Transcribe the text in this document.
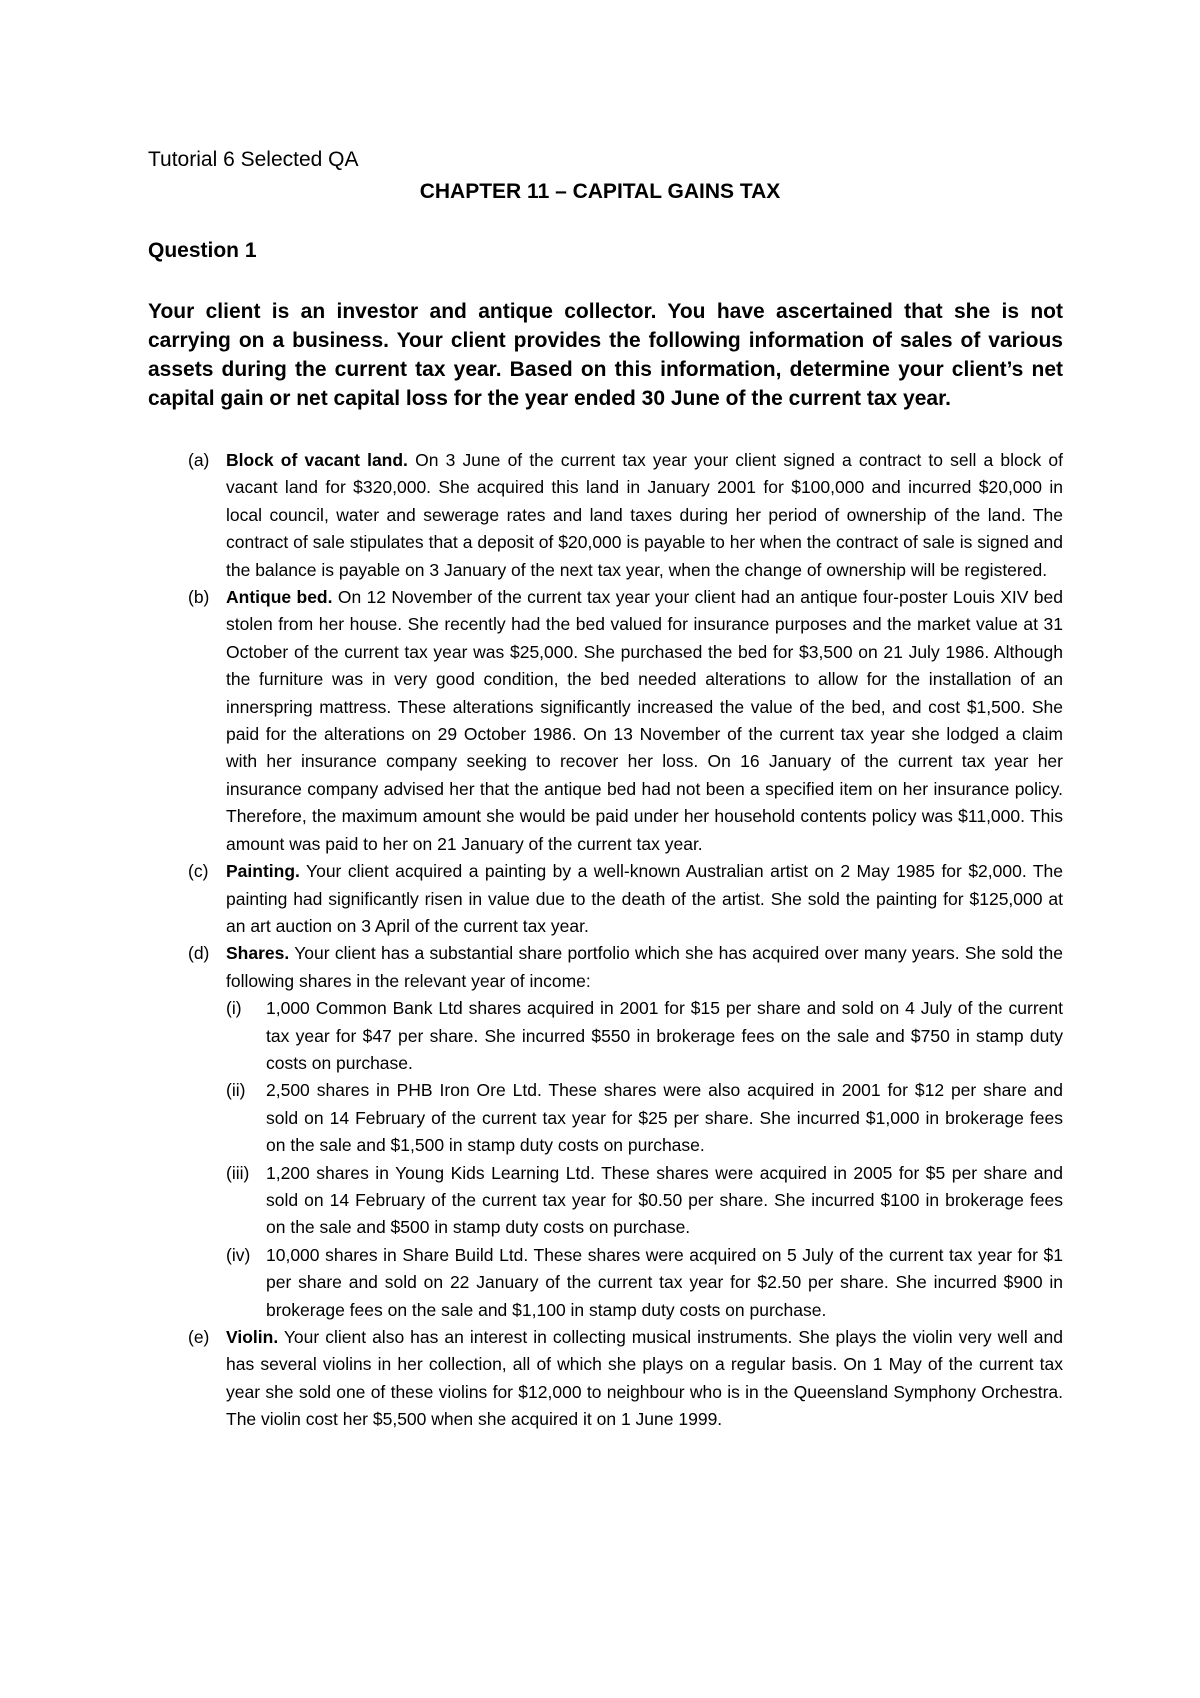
Tutorial 6 Selected QA
CHAPTER 11 – CAPITAL GAINS TAX
Question 1

Your client is an investor and antique collector. You have ascertained that she is not carrying on a business. Your client provides the following information of sales of various assets during the current tax year. Based on this information, determine your client’s net capital gain or net capital loss for the year ended 30 June of the current tax year.

(a) Block of vacant land. On 3 June of the current tax year your client signed a contract to sell a block of vacant land for $320,000. She acquired this land in January 2001 for $100,000 and incurred $20,000 in local council, water and sewerage rates and land taxes during her period of ownership of the land. The contract of sale stipulates that a deposit of $20,000 is payable to her when the contract of sale is signed and the balance is payable on 3 January of the next tax year, when the change of ownership will be registered.
(b) Antique bed. On 12 November of the current tax year your client had an antique four-poster Louis XIV bed stolen from her house. She recently had the bed valued for insurance purposes and the market value at 31 October of the current tax year was $25,000. She purchased the bed for $3,500 on 21 July 1986. Although the furniture was in very good condition, the bed needed alterations to allow for the installation of an innerspring mattress. These alterations significantly increased the value of the bed, and cost $1,500. She paid for the alterations on 29 October 1986. On 13 November of the current tax year she lodged a claim with her insurance company seeking to recover her loss. On 16 January of the current tax year her insurance company advised her that the antique bed had not been a specified item on her insurance policy. Therefore, the maximum amount she would be paid under her household contents policy was $11,000. This amount was paid to her on 21 January of the current tax year.
(c)	Painting. Your client acquired a painting by a well-known Australian artist on 2 May 1985 for $2,000. The painting had significantly risen in value due to the death of the artist. She sold the painting for $125,000 at an art auction on 3 April of the current tax year.
(d) Shares. Your client has a substantial share portfolio which she has acquired over many years. She sold the following shares in the relevant year of income:
(i)	1,000 Common Bank Ltd shares acquired in 2001 for $15 per share and sold on 4 July of the current tax year for $47 per share. She incurred $550 in brokerage fees on the sale and $750 in stamp duty costs on purchase.
(ii)	2,500 shares in PHB Iron Ore Ltd. These shares were also acquired in 2001 for $12 per share and sold on 14 February of the current tax year for $25 per share. She incurred $1,000 in brokerage fees on the sale and $1,500 in stamp duty costs on purchase.
(iii) 1,200 shares in Young Kids Learning Ltd. These shares were acquired in 2005 for $5 per share and sold on 14 February of the current tax year for $0.50 per share. She incurred $100 in brokerage fees on the sale and $500 in stamp duty costs on purchase.
(iv) 10,000 shares in Share Build Ltd. These shares were acquired on 5 July of the current tax year for $1 per share and sold on 22 January of the current tax year for $2.50 per share. She incurred $900 in brokerage fees on the sale and $1,100 in stamp duty costs on purchase.
(e) Violin. Your client also has an interest in collecting musical instruments. She plays the violin very well and has several violins in her collection, all of which she plays on a regular basis. On 1 May of the current tax year she sold one of these violins for $12,000 to neighbour who is in the Queensland Symphony Orchestra. The violin cost her $5,500 when she acquired it on 1 June 1999.
